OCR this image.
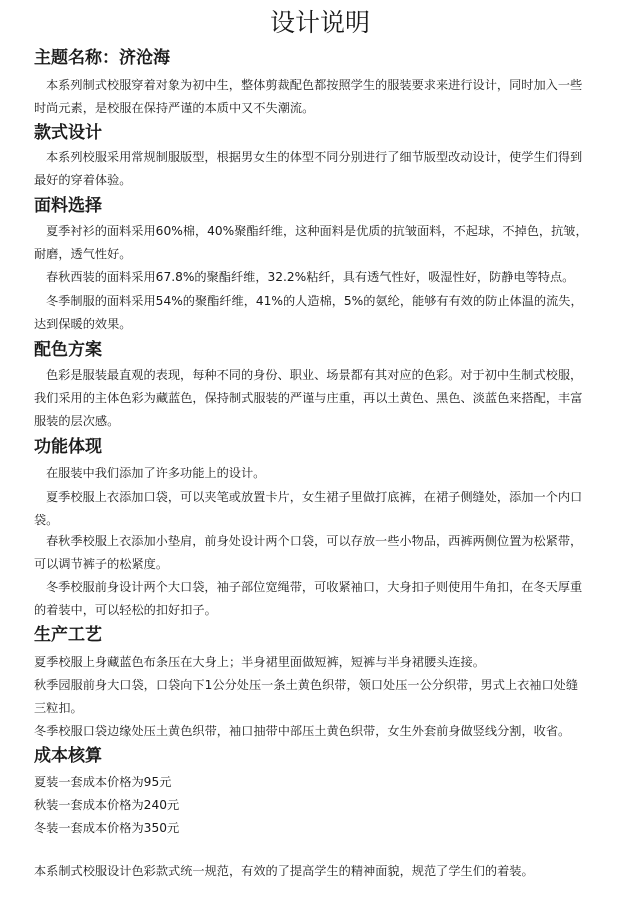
设计说明
主题名称：济沧海

本系列制式校服穿着对象为初中生，整体剪裁配色都按照学生的服装要求来进行设计，同时加入一些

时尚元素，是校服在保持严谨的本质中又不失潮流。

款式设计

本系列校服采用常规制服版型，根据男女生的体型不同分别进行了细节版型改动设计，使学生们得到

最好的穿着体验。

面料选择

夏季衬衫的面料采用60%棉，40%聚酯纤维，这种面料是优质的抗皱面料，不起球，不掉色，抗皱，

耐磨，透气性好。

春秋西装的面料采用67.8%的聚酯纤维，32.2%粘纤，具有透气性好，吸湿性好，防静电等特点。

冬季制服的面料采用54%的聚酯纤维，41%的人造棉，5%的氨纶，能够有有效的防止体温的流失，

达到保暖的效果。

配色方案

色彩是服装最直观的表现，每种不同的身份、职业、场景都有其对应的色彩。对于初中生制式校服，

我们采用的主体色彩为藏蓝色，保持制式服装的严谨与庄重，再以土黄色、黑色、淡蓝色来搭配，丰富

服装的层次感。

功能体现

在服装中我们添加了许多功能上的设计。

夏季校服上衣添加口袋，可以夹笔或放置卡片，女生裙子里做打底裤，在裙子侧缝处，添加一个内口

袋。

春秋季校服上衣添加小垫肩，前身处设计两个口袋，可以存放一些小物品，西裤两侧位置为松紧带，

可以调节裤子的松紧度。

冬季校服前身设计两个大口袋，袖子部位宽绳带，可收紧袖口，大身扣子则使用牛角扣，在冬天厚重

的着装中，可以轻松的扣好扣子。

生产工艺

夏季校服上身藏蓝色布条压在大身上；半身裙里面做短裤，短裤与半身裙腰头连接。

秋季园服前身大口袋，口袋向下1公分处压一条土黄色织带，领口处压一公分织带，男式上衣袖口处缝

三粒扣。

冬季校服口袋边缘处压土黄色织带，袖口抽带中部压土黄色织带，女生外套前身做竖线分割，收省。

成本核算

夏装一套成本价格为95元

秋装一套成本价格为240元

冬装一套成本价格为350元

本系制式校服设计色彩款式统一规范，有效的了提高学生的精神面貌，规范了学生们的着装。
